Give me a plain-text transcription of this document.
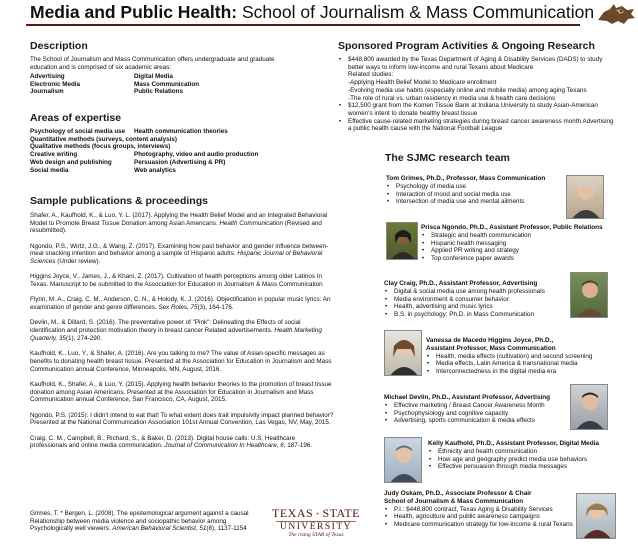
Media and Public Health: School of Journalism & Mass Communication
Description
The School of Journalism and Mass Communication offers undergraduate and graduate education and is comprised of six academic areas:
Advertising	Digital Media
Electronic Media	Mass Communication
Journalism	Public Relations
Areas of expertise
Psychology of social media use	Health communication theories
Quantitative methods (surveys, content analysis)
Qualitative methods (focus groups, interviews)
Creative writing	Photography, video and audio production
Web design and publishing	Persuasion (Advertising & PR)
Social media	Web analytics
Sample publications & proceedings
Shafer, A., Kaufhold, K., & Luo, Y. L. (2017). Applying the Health Belief Model and an Integrated Behavioral Model to Promote Breast Tissue Donation among Asian Americans. Health Communication (Revised and resubmitted).
Ngondo, P.S., Wirtz, J.G., & Wang, Z. (2017). Examining how past behavior and gender influence between-meal snacking intention and behavior among a sample of Hispanic adults. Hispanic Journal of Behavioral Sciences (Under review).
Higgins Joyce, V., James, J., & Khani, Z. (2017). Cultivation of health perceptions among older Latinos In Texas. Manuscript to be submitted to the Association for Education in Journalism & Mass Communication
Flynn, M. A., Craig, C. M., Anderson, C. N., & Holody, K. J. (2016). Objectification in popular music lyrics: An examination of gender and genre differences. Sex Roles, 75(3), 164-176.
Devlin, M., & Dillard, S. (2016). The preventative power of "Pink": Delineating the Effects of social identification and protection motivation theory in breast cancer Related advertisements. Health Marketing Quarterly, 35(1), 274-290.
Kaufhold, K., Luo, Y., & Shafer, A. (2016). Are you talking to me? The value of Asian-specific messages as benefits to donating health breast tissue. Presented at the Association for Education in Journalism and Mass Communication annual Conference, Minneapolis, MN, August, 2016.
Kaufhold, K., Shafer, A., & Luo, Y. (2015). Applying health behavior theories to the promotion of breast tissue donation among Asian Americans. Presented at the Association for Education in Journalism and Mass Communication annual Conference, San Francisco, CA, August, 2015.
Ngondo, P.S. (2015). I didn't intend to eat that! To what extent does trait impulsivity impact planned behavior? Presented at the National Communication Association 101st Annual Convention, Las Vegas, NV, May, 2015.
Craig. C. M., Campbell, B., Richard, S., & Baker, D. (2013). Digital house calls: U.S. Healthcare professionals and online media communication. Journal of Communication In Healthcare, 6, 187-196.
Grimes, T. * Bergen, L. (2008). The epistemological argument against a causal Relationship between media violence and sociopathic behavior among Psychologically well viewers. American Behavioral Scientist, 51(8), 1137-1154
TEXAS STATE
UNIVERSITY
The rising STAR of Texas
Sponsored Program Activities & Ongoing Research
• $448,800 awarded by the Texas Department of Aging & Disability Services (DADS) to study better ways to inform low-income and rural Texans about Medicare
Related studies:
-Applying Health Belief Model to Medicare enrollment
-Evolving media use habits (especially online and mobile media) among aging Texans
-The role of rural vs. urban residency in media use & health care decisions
• $12,500 grant from the Komen Tissue Bank at Indiana University to study Asian-American women's intent to donate healthy breast tissue
• Effective cause-related marketing strategies during breast cancer awareness month Advertising a public health cause with the National Football League
The SJMC research team
Tom Grimes, Ph.D., Professor, Mass Communication
• Psychology of media use
• Interaction of mood and social media use
• Intersection of media use and mental ailments
Prisca Ngondo, Ph.D., Assistant Professor, Public Relations
• Strategic and health communication
• Hispanic health messaging
• Applied PR writing and strategy
• Top conference paper awards
Clay Craig, Ph.D., Assistant Professor, Advertising
• Digital & social media use among health professionals
• Media environment & consumer behavior
• Health, advertising and music lyrics
• B.S. in psychology; Ph.D. in Mass Communication
Vanessa de Macedo Higgins Joyce, Ph.D.,
Assistant Professor, Mass Communication
• Health, media effects (cultivation) and second screening
• Media effects, Latin America & transnational media
• Interconnectedness in the digital media era
Michael Devlin, Ph.D., Assistant Professor, Advertising
• Effective marketing / Breast Cancer Awareness Month
• Psychophysiology and cognitive capacity
• Advertising, sports communication & media effects
Kelly Kaufhold, Ph.D., Assistant Professor, Digital Media
• Ethnicity and health communication
• How age and geography predict media use behaviors
• Effective persuasion through media messages
Judy Oskam, Ph.D., Associate Professor & Chair
School of Journalism & Mass Communication
• P.I.: $448,800 contract, Texas Aging & Disability Services
• Health, agriculture and public awareness campaigns
• Medicare communication strategy for low-income & rural Texans
